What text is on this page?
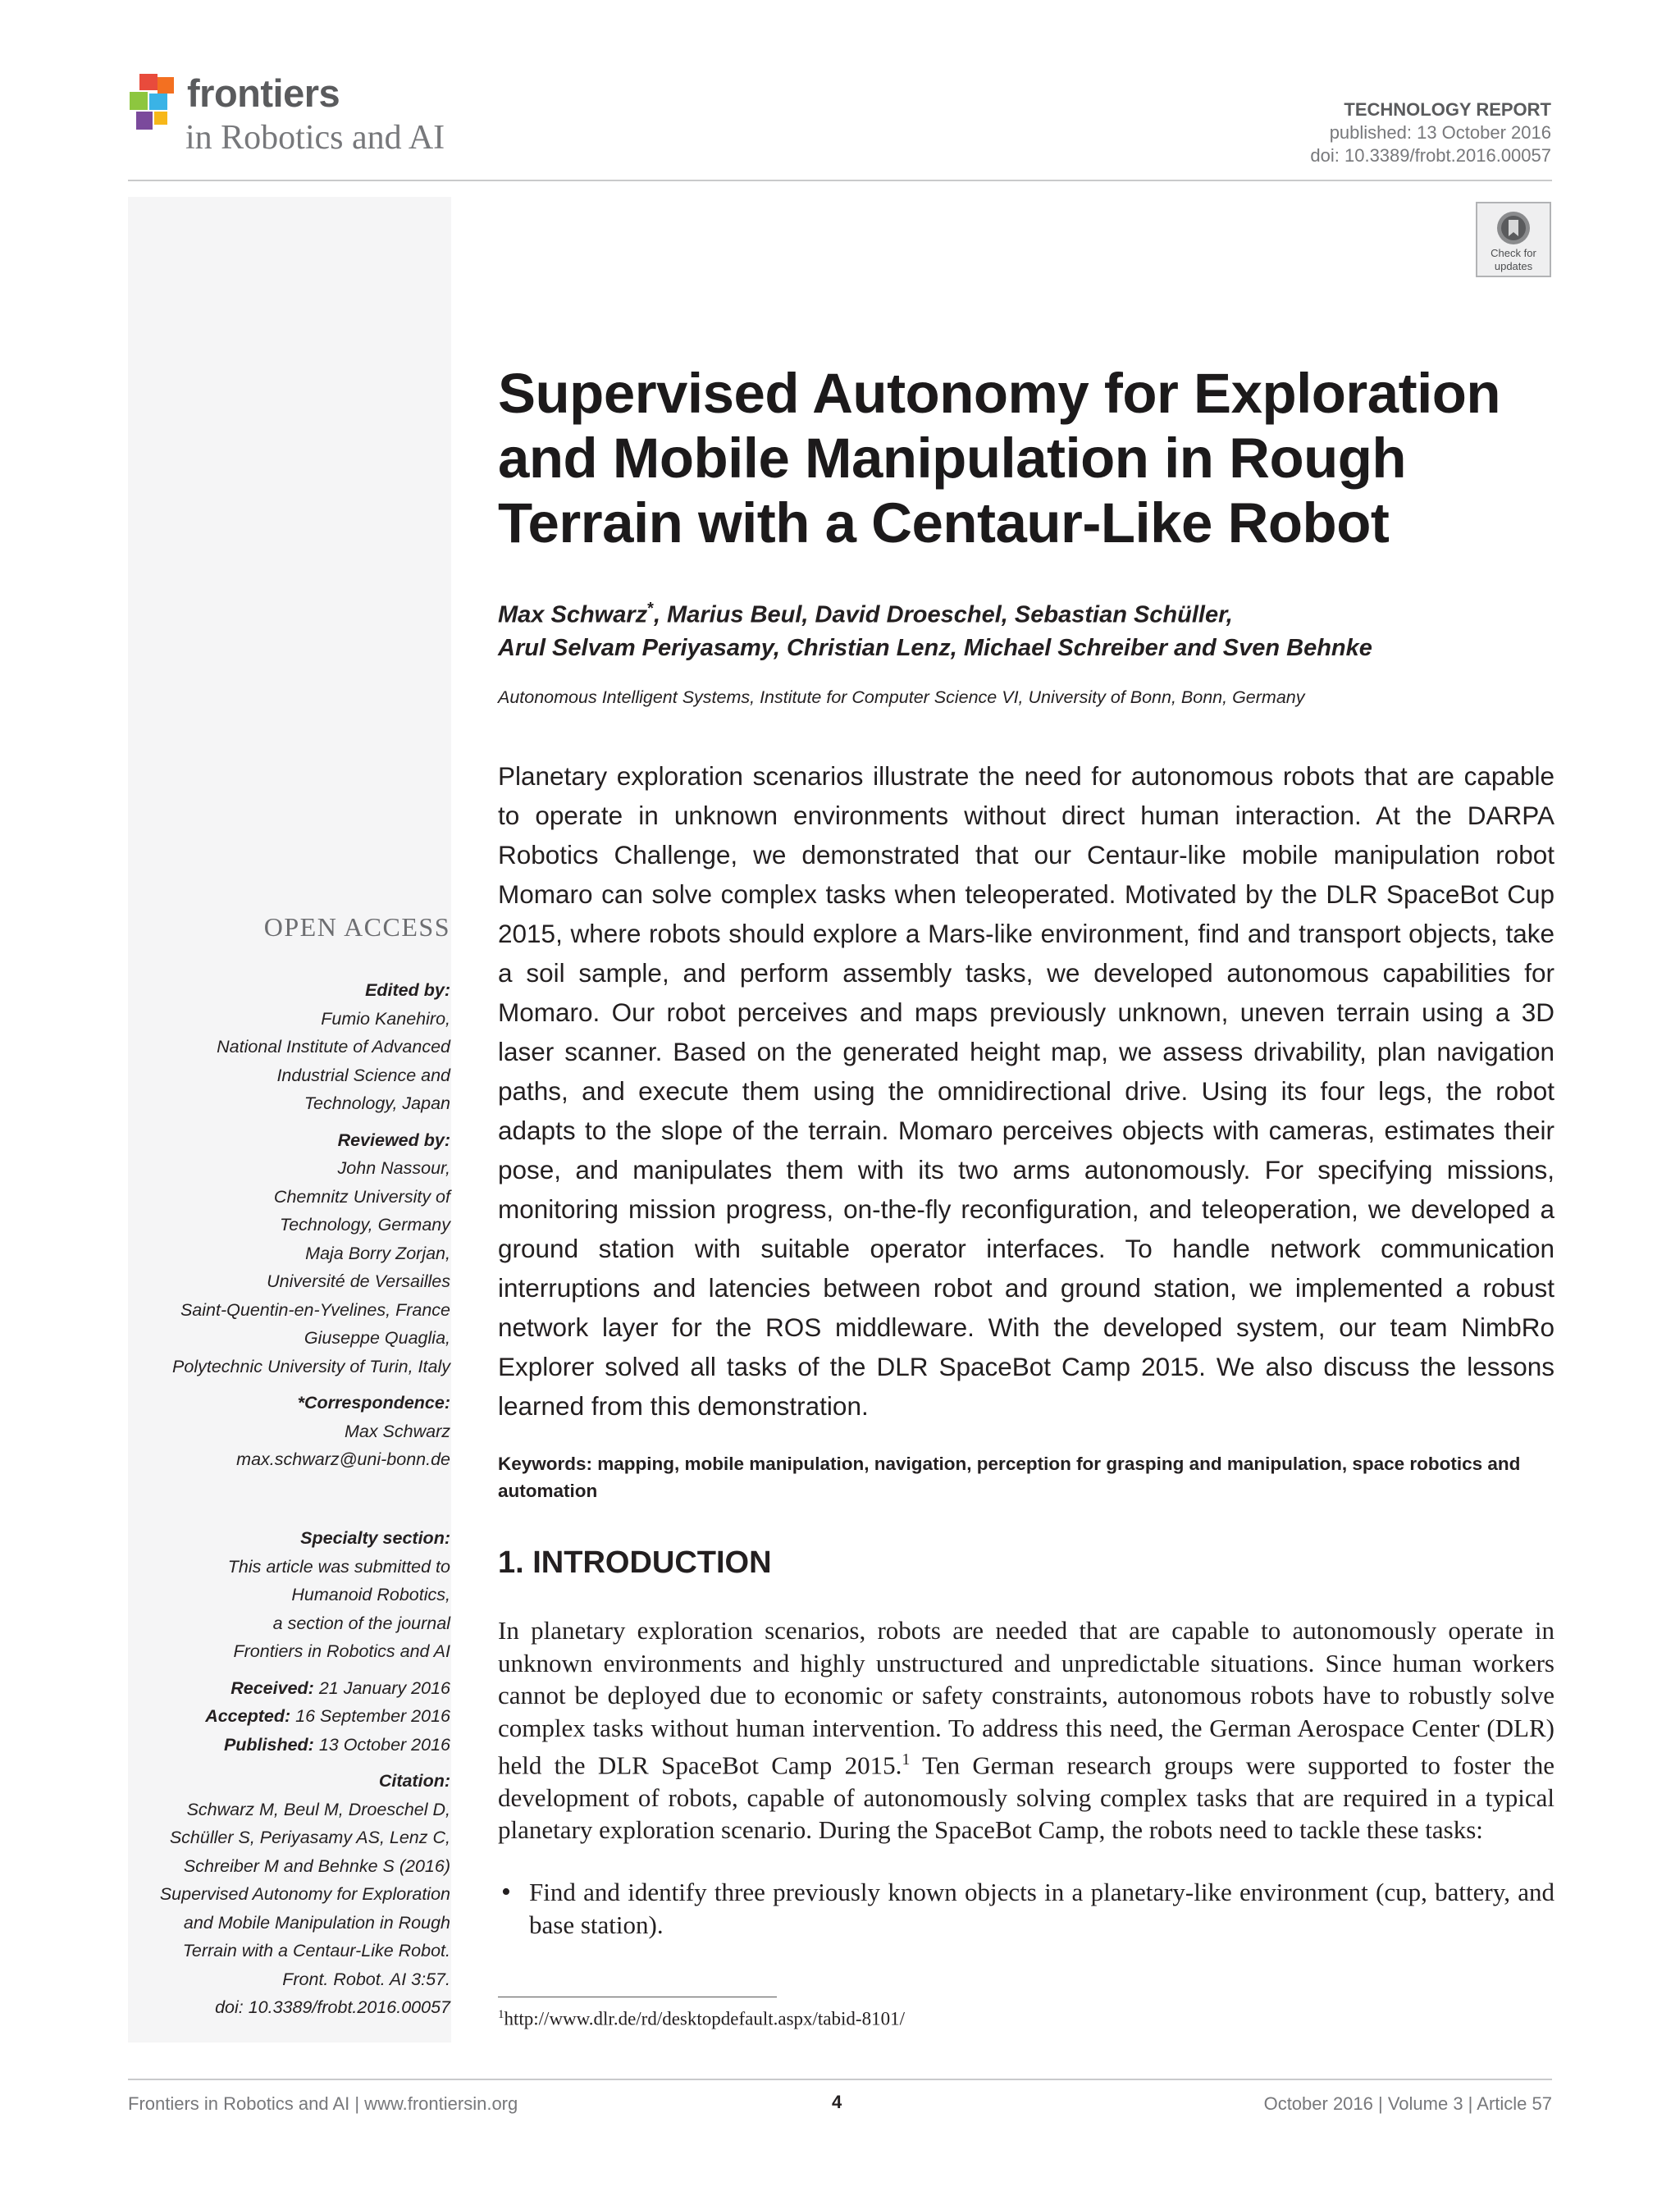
frontiers
in Robotics and AI
TECHNOLOGY REPORT
published: 13 October 2016
doi: 10.3389/frobt.2016.00057
Check for
updates
OPEN ACCESS
Edited by:
Fumio Kanehiro,
National Institute of Advanced
Industrial Science and
Technology, Japan
Reviewed by:
John Nassour,
Chemnitz University of
Technology, Germany
Maja Borry Zorjan,
Université de Versailles
Saint-Quentin-en-Yvelines, France
Giuseppe Quaglia,
Polytechnic University of Turin, Italy
*Correspondence:
Max Schwarz
max.schwarz@uni-bonn.de
Specialty section:
This article was submitted to
Humanoid Robotics,
a section of the journal
Frontiers in Robotics and AI
Received: 21 January 2016
Accepted: 16 September 2016
Published: 13 October 2016
Citation:
Schwarz M, Beul M, Droeschel D,
Schüller S, Periyasamy AS, Lenz C,
Schreiber M and Behnke S (2016)
Supervised Autonomy for Exploration
and Mobile Manipulation in Rough
Terrain with a Centaur-Like Robot.
Front. Robot. AI 3:57.
doi: 10.3389/frobt.2016.00057
Supervised Autonomy for Exploration
and Mobile Manipulation in Rough
Terrain with a Centaur-Like Robot
Max Schwarz*, Marius Beul, David Droeschel, Sebastian Schüller,
Arul Selvam Periyasamy, Christian Lenz, Michael Schreiber and Sven Behnke
Autonomous Intelligent Systems, Institute for Computer Science VI, University of Bonn, Bonn, Germany
Planetary exploration scenarios illustrate the need for autonomous robots that are capable to operate in unknown environments without direct human interaction. At the DARPA Robotics Challenge, we demonstrated that our Centaur-like mobile manipulation robot Momaro can solve complex tasks when teleoperated. Motivated by the DLR SpaceBot Cup 2015, where robots should explore a Mars-like environment, find and transport objects, take a soil sample, and perform assembly tasks, we developed autonomous capabilities for Momaro. Our robot perceives and maps previously unknown, uneven terrain using a 3D laser scanner. Based on the generated height map, we assess drivability, plan navigation paths, and execute them using the omnidirectional drive. Using its four legs, the robot adapts to the slope of the terrain. Momaro perceives objects with cameras, estimates their pose, and manipulates them with its two arms autonomously. For specifying missions, monitoring mission progress, on-the-fly reconfiguration, and teleoperation, we developed a ground station with suitable operator interfaces. To handle network communication interruptions and latencies between robot and ground station, we implemented a robust network layer for the ROS middleware. With the developed system, our team NimbRo Explorer solved all tasks of the DLR SpaceBot Camp 2015. We also discuss the lessons learned from this demonstration.
Keywords: mapping, mobile manipulation, navigation, perception for grasping and manipulation, space robotics and automation
1. INTRODUCTION
In planetary exploration scenarios, robots are needed that are capable to autonomously operate in unknown environments and highly unstructured and unpredictable situations. Since human workers cannot be deployed due to economic or safety constraints, autonomous robots have to robustly solve complex tasks without human intervention. To address this need, the German Aerospace Center (DLR) held the DLR SpaceBot Camp 2015.$^1$ Ten German research groups were supported to foster the development of robots, capable of autonomously solving complex tasks that are required in a typical planetary exploration scenario. During the SpaceBot Camp, the robots need to tackle these tasks:
• Find and identify three previously known objects in a planetary-like environment (cup, battery, and base station).
$^1$http://www.dlr.de/rd/desktopdefault.aspx/tabid-8101/
Frontiers in Robotics and AI | www.frontiersin.org	4	October 2016 | Volume 3 | Article 57
